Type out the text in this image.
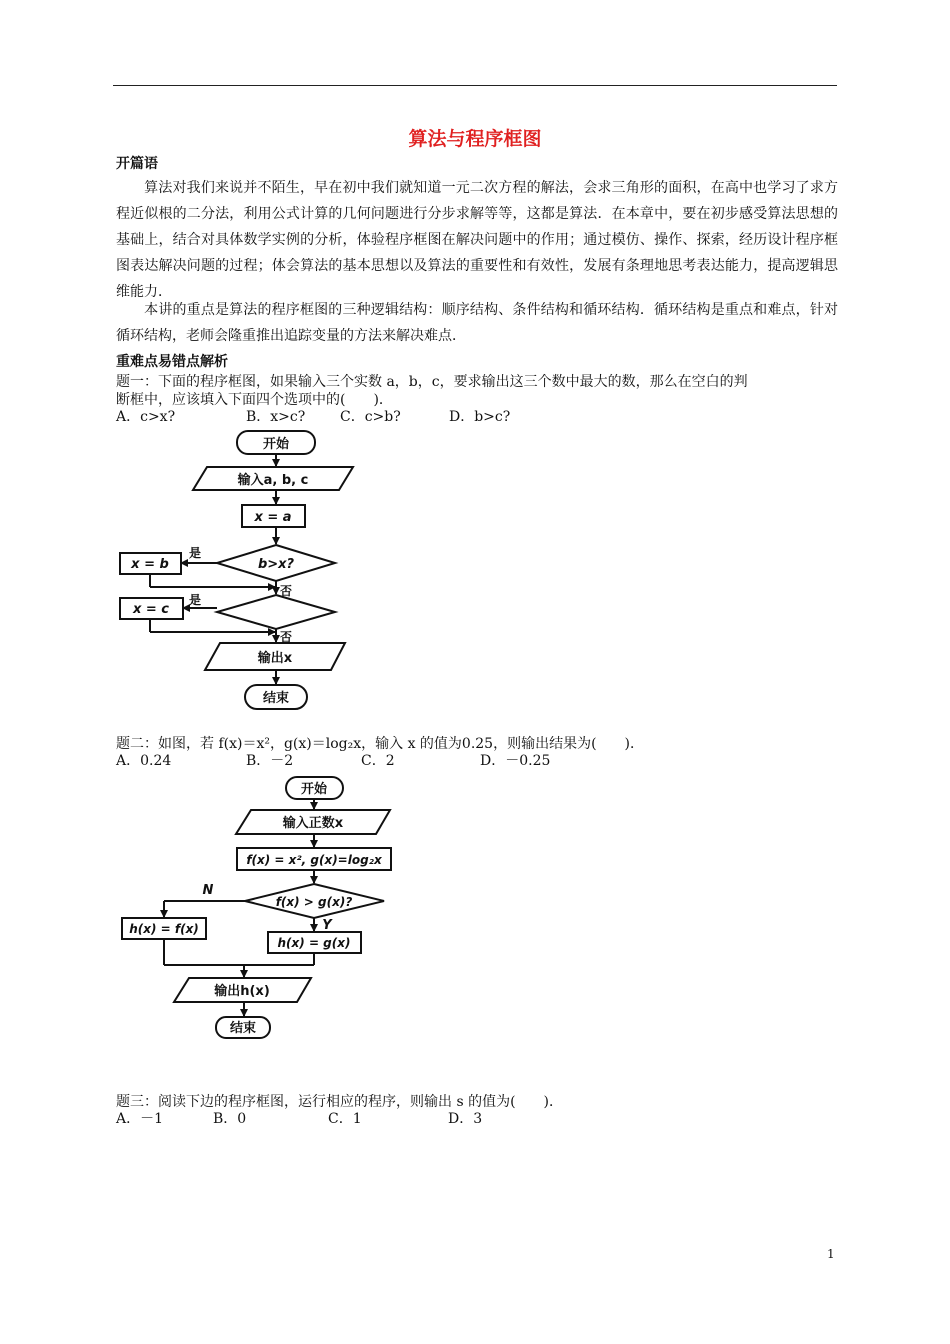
算法与程序框图
开篇语
算法对我们来说并不陌生，早在初中我们就知道一元二次方程的解法，会求三角形的面积，在高中也学习了求方程近似根的二分法，利用公式计算的几何问题进行分步求解等等，这都是算法．在本章中，要在初步感受算法思想的基础上，结合对具体数学实例的分析，体验程序框图在解决问题中的作用；通过模仿、操作、探索，经历设计程序框图表达解决问题的过程；体会算法的基本思想以及算法的重要性和有效性，发展有条理地思考表达能力，提高逻辑思维能力．
本讲的重点是算法的程序框图的三种逻辑结构：顺序结构、条件结构和循环结构．循环结构是重点和难点，针对循环结构，老师会隆重推出追踪变量的方法来解决难点．
重难点易错点解析
题一：下面的程序框图，如果输入三个实数 a，b，c，要求输出这三个数中最大的数，那么在空白的判
断框中，应该填入下面四个选项中的(　　)．
A．c>x?	B．x>c? C．c>b?	D．b>c?
开始
输入a, b, c
x = a
b>x?
x = b
x = c
输出x
结束
是
是
否
否
开始
输入正数x
f(x) = x², g(x)=log₂x
f(x) > g(x)?
h(x) = f(x)
h(x) = g(x)
输出h(x)
结束
N
Y
题二：如图，若 f(x)＝x²，g(x)＝log₂x，输入 x 的值为0.25，则输出结果为(　　)．
A．0.24	B．－2	C．2	D．－0.25
题三：阅读下边的程序框图，运行相应的程序，则输出 s 的值为(　　)．
A．－1	B．0	C．1	D．3
1
